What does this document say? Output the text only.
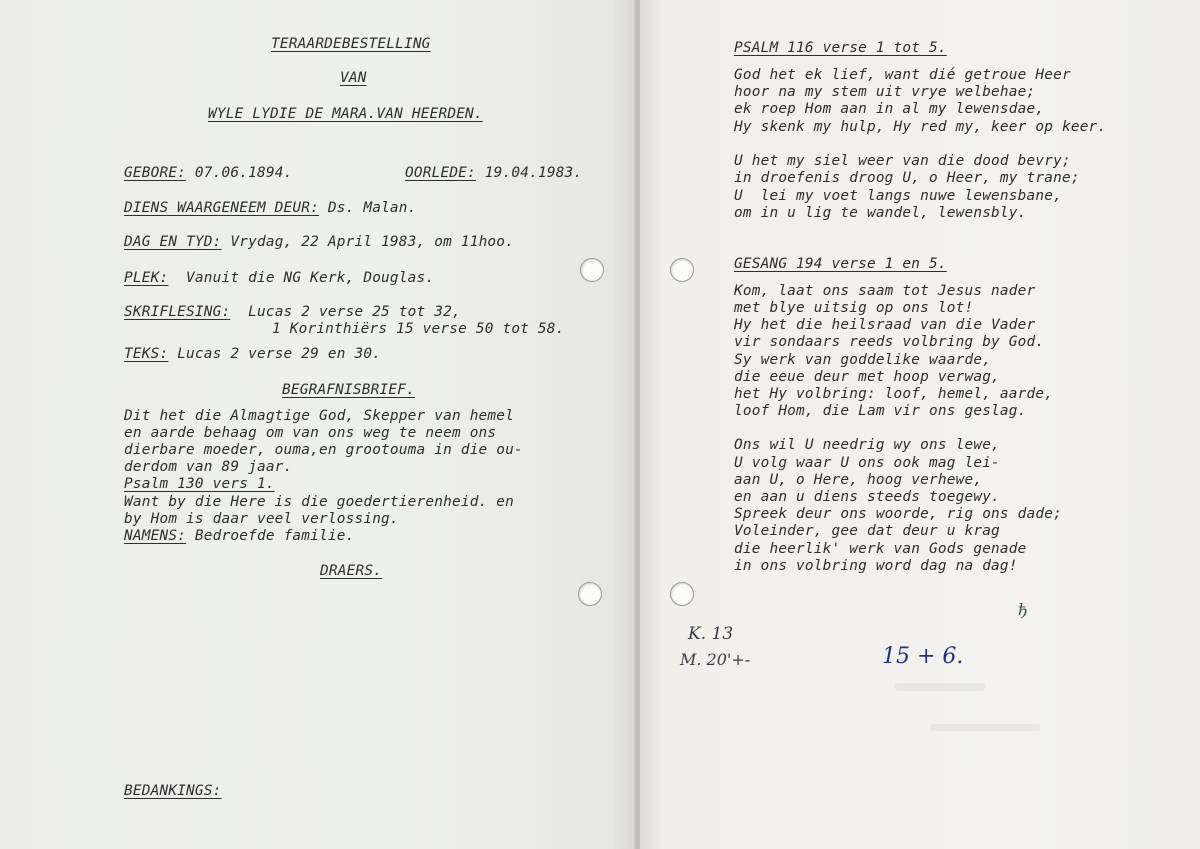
TERAARDEBESTELLING
VAN
WYLE LYDIE DE MARA.VAN HEERDEN.
GEBORE: 07.06.1894.	OORLEDE: 19.04.1983.
DIENS WAARGENEEM DEUR: Ds. Malan.
DAG EN TYD: Vrydag, 22 April 1983, om 11hoo.
PLEK:  Vanuit die NG Kerk, Douglas.
SKRIFLESING:  Lucas 2 verse 25 tot 32,
1 Korinthiërs 15 verse 50 tot 58.
TEKS: Lucas 2 verse 29 en 30.
BEGRAFNISBRIEF.
Dit het die Almagtige God, Skepper van hemel
en aarde behaag om van ons weg te neem ons
dierbare moeder, ouma,en grootouma in die ou-
derdom van 89 jaar.
Psalm 130 vers 1.
Want by die Here is die goedertierenheid. en
by Hom is daar veel verlossing.
NAMENS: Bedroefde familie.
DRAERS.
BEDANKINGS:
PSALM 116 verse 1 tot 5.
God het ek lief, want dié getroue Heer
hoor na my stem uit vrye welbehae;
ek roep Hom aan in al my lewensdae,
Hy skenk my hulp, Hy red my, keer op keer.
U het my siel weer van die dood bevry;
in droefenis droog U, o Heer, my trane;
U  lei my voet langs nuwe lewensbane,
om in u lig te wandel, lewensbly.
GESANG 194 verse 1 en 5.
Kom, laat ons saam tot Jesus nader
met blye uitsig op ons lot!
Hy het die heilsraad van die Vader
vir sondaars reeds volbring by God.
Sy werk van goddelike waarde,
die eeue deur met hoop verwag,
het Hy volbring: loof, hemel, aarde,
loof Hom, die Lam vir ons geslag.
Ons wil U needrig wy ons lewe,
U volg waar U ons ook mag lei-
aan U, o Here, hoog verhewe,
en aan u diens steeds toegewy.
Spreek deur ons woorde, rig ons dade;
Voleinder, gee dat deur u krag
die heerlik' werk van Gods genade
in ons volbring word dag na dag!
K. 13
M. 20'+-	15 + 6.
ђ
